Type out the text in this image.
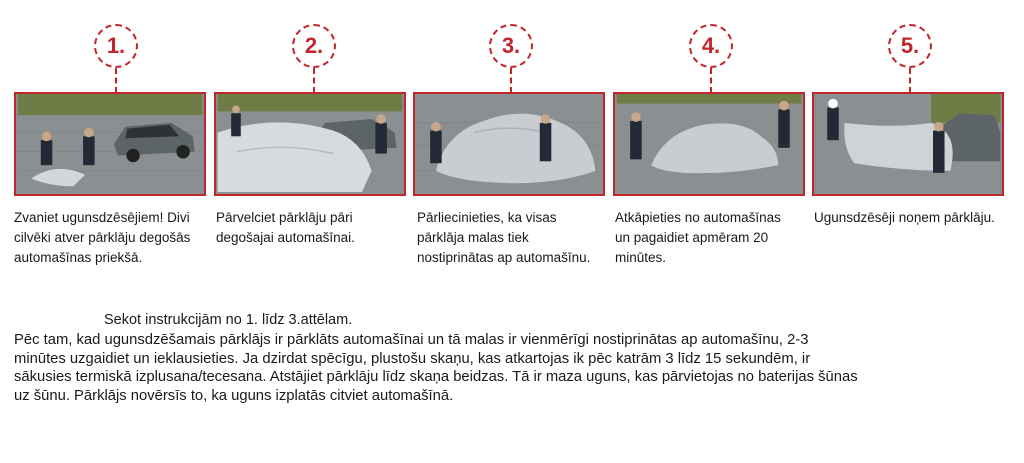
1.
Zvaniet ugunsdzēsējiem! Divi
cilvēki atver pārklāju degošās
automašīnas priekšā.
2.
Pārvelciet pārklāju pāri
degošajai automašīnai.
3.
Pārliecinieties, ka visas
pārklāja malas tiek
nostiprinātas ap automašīnu.
4.
Atkāpieties no automašīnas
un pagaidiet apmēram 20
minūtes.
5.
Ugunsdzēsēji noņem pārklāju.
Sekot instrukcijām no 1. līdz 3.attēlam.
Pēc tam, kad ugunsdzēšamais pārklājs ir pārklāts automašīnai un tā malas ir vienmērīgi nostiprinātas ap automašīnu, 2-3
minūtes uzgaidiet un ieklausieties. Ja dzirdat spēcīgu, plustošu skaņu, kas atkartojas ik pēc katrām 3 līdz 15 sekundēm, ir
sākusies termiskā izplusana/tecesana. Atstājiet pārklāju līdz skaņa beidzas. Tā ir maza uguns, kas pārvietojas no baterijas šūnas
uz šūnu. Pārklājs novērsīs to, ka uguns izplatās citviet automašīnā.
